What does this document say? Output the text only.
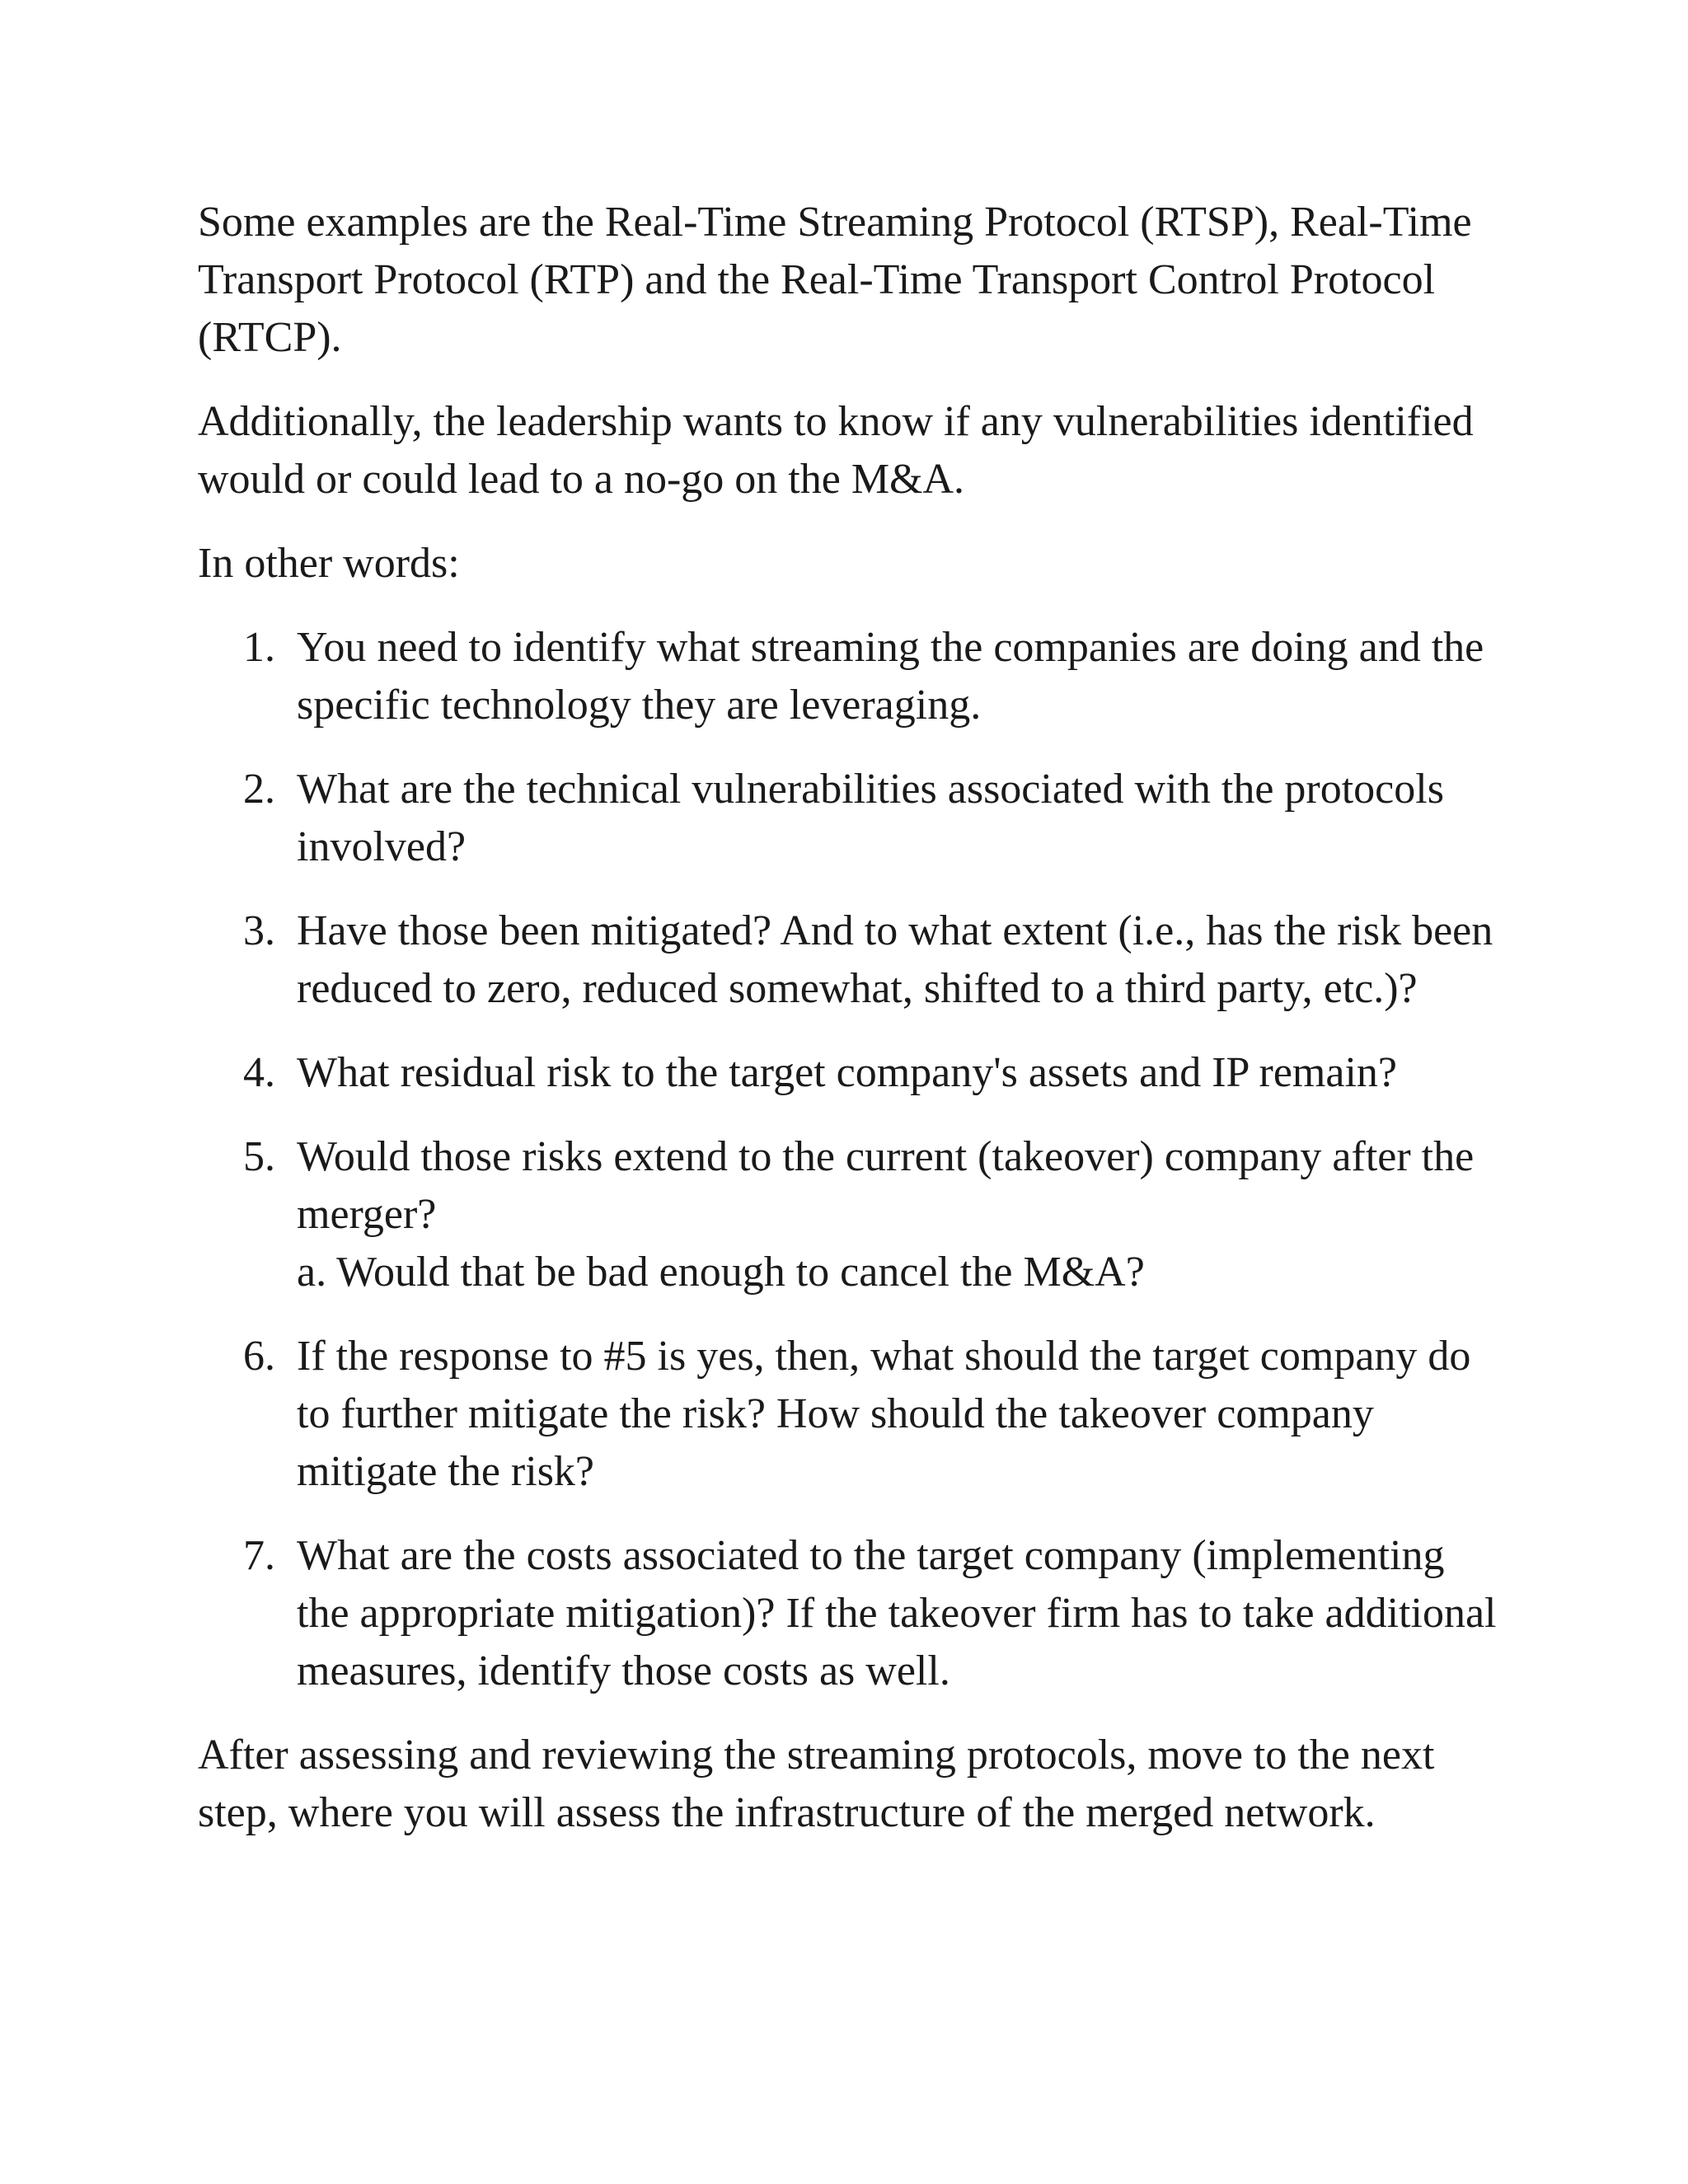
Some examples are the Real-Time Streaming Protocol (RTSP), Real-Time Transport Protocol (RTP) and the Real-Time Transport Control Protocol (RTCP).

Additionally, the leadership wants to know if any vulnerabilities identified would or could lead to a no-go on the M&A.

In other words:

1. You need to identify what streaming the companies are doing and the specific technology they are leveraging.
2. What are the technical vulnerabilities associated with the protocols involved?
3. Have those been mitigated? And to what extent (i.e., has the risk been reduced to zero, reduced somewhat, shifted to a third party, etc.)?
4. What residual risk to the target company's assets and IP remain?
5. Would those risks extend to the current (takeover) company after the merger?
a. Would that be bad enough to cancel the M&A?
6. If the response to #5 is yes, then, what should the target company do to further mitigate the risk? How should the takeover company mitigate the risk?
7. What are the costs associated to the target company (implementing the appropriate mitigation)? If the takeover firm has to take additional measures, identify those costs as well.

After assessing and reviewing the streaming protocols, move to the next step, where you will assess the infrastructure of the merged network.
